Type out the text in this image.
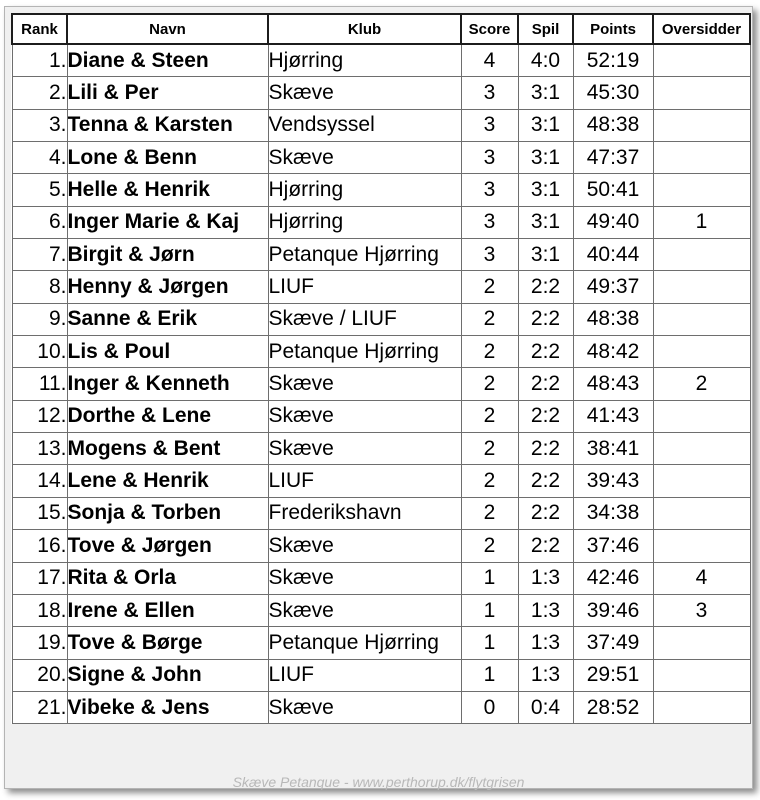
Rank	Navn	Klub	Score	Spil	Points	Oversidder
1.	Diane & Steen	Hjørring	4	4:0	52:19	
2.	Lili & Per	Skæve	3	3:1	45:30	
3.	Tenna & Karsten	Vendsyssel	3	3:1	48:38	
4.	Lone & Benn	Skæve	3	3:1	47:37	
5.	Helle & Henrik	Hjørring	3	3:1	50:41	
6.	Inger Marie & Kaj	Hjørring	3	3:1	49:40	1
7.	Birgit & Jørn	Petanque Hjørring	3	3:1	40:44	
8.	Henny & Jørgen	LIUF	2	2:2	49:37	
9.	Sanne & Erik	Skæve / LIUF	2	2:2	48:38	
10.	Lis & Poul	Petanque Hjørring	2	2:2	48:42	
11.	Inger & Kenneth	Skæve	2	2:2	48:43	2
12.	Dorthe & Lene	Skæve	2	2:2	41:43	
13.	Mogens & Bent	Skæve	2	2:2	38:41	
14.	Lene & Henrik	LIUF	2	2:2	39:43	
15.	Sonja & Torben	Frederikshavn	2	2:2	34:38	
16.	Tove & Jørgen	Skæve	2	2:2	37:46	
17.	Rita & Orla	Skæve	1	1:3	42:46	4
18.	Irene & Ellen	Skæve	1	1:3	39:46	3
19.	Tove & Børge	Petanque Hjørring	1	1:3	37:49	
20.	Signe & John	LIUF	1	1:3	29:51	
21.	Vibeke & Jens	Skæve	0	0:4	28:52	
Skæve Petanque - www.perthorup.dk/flytgrisen
